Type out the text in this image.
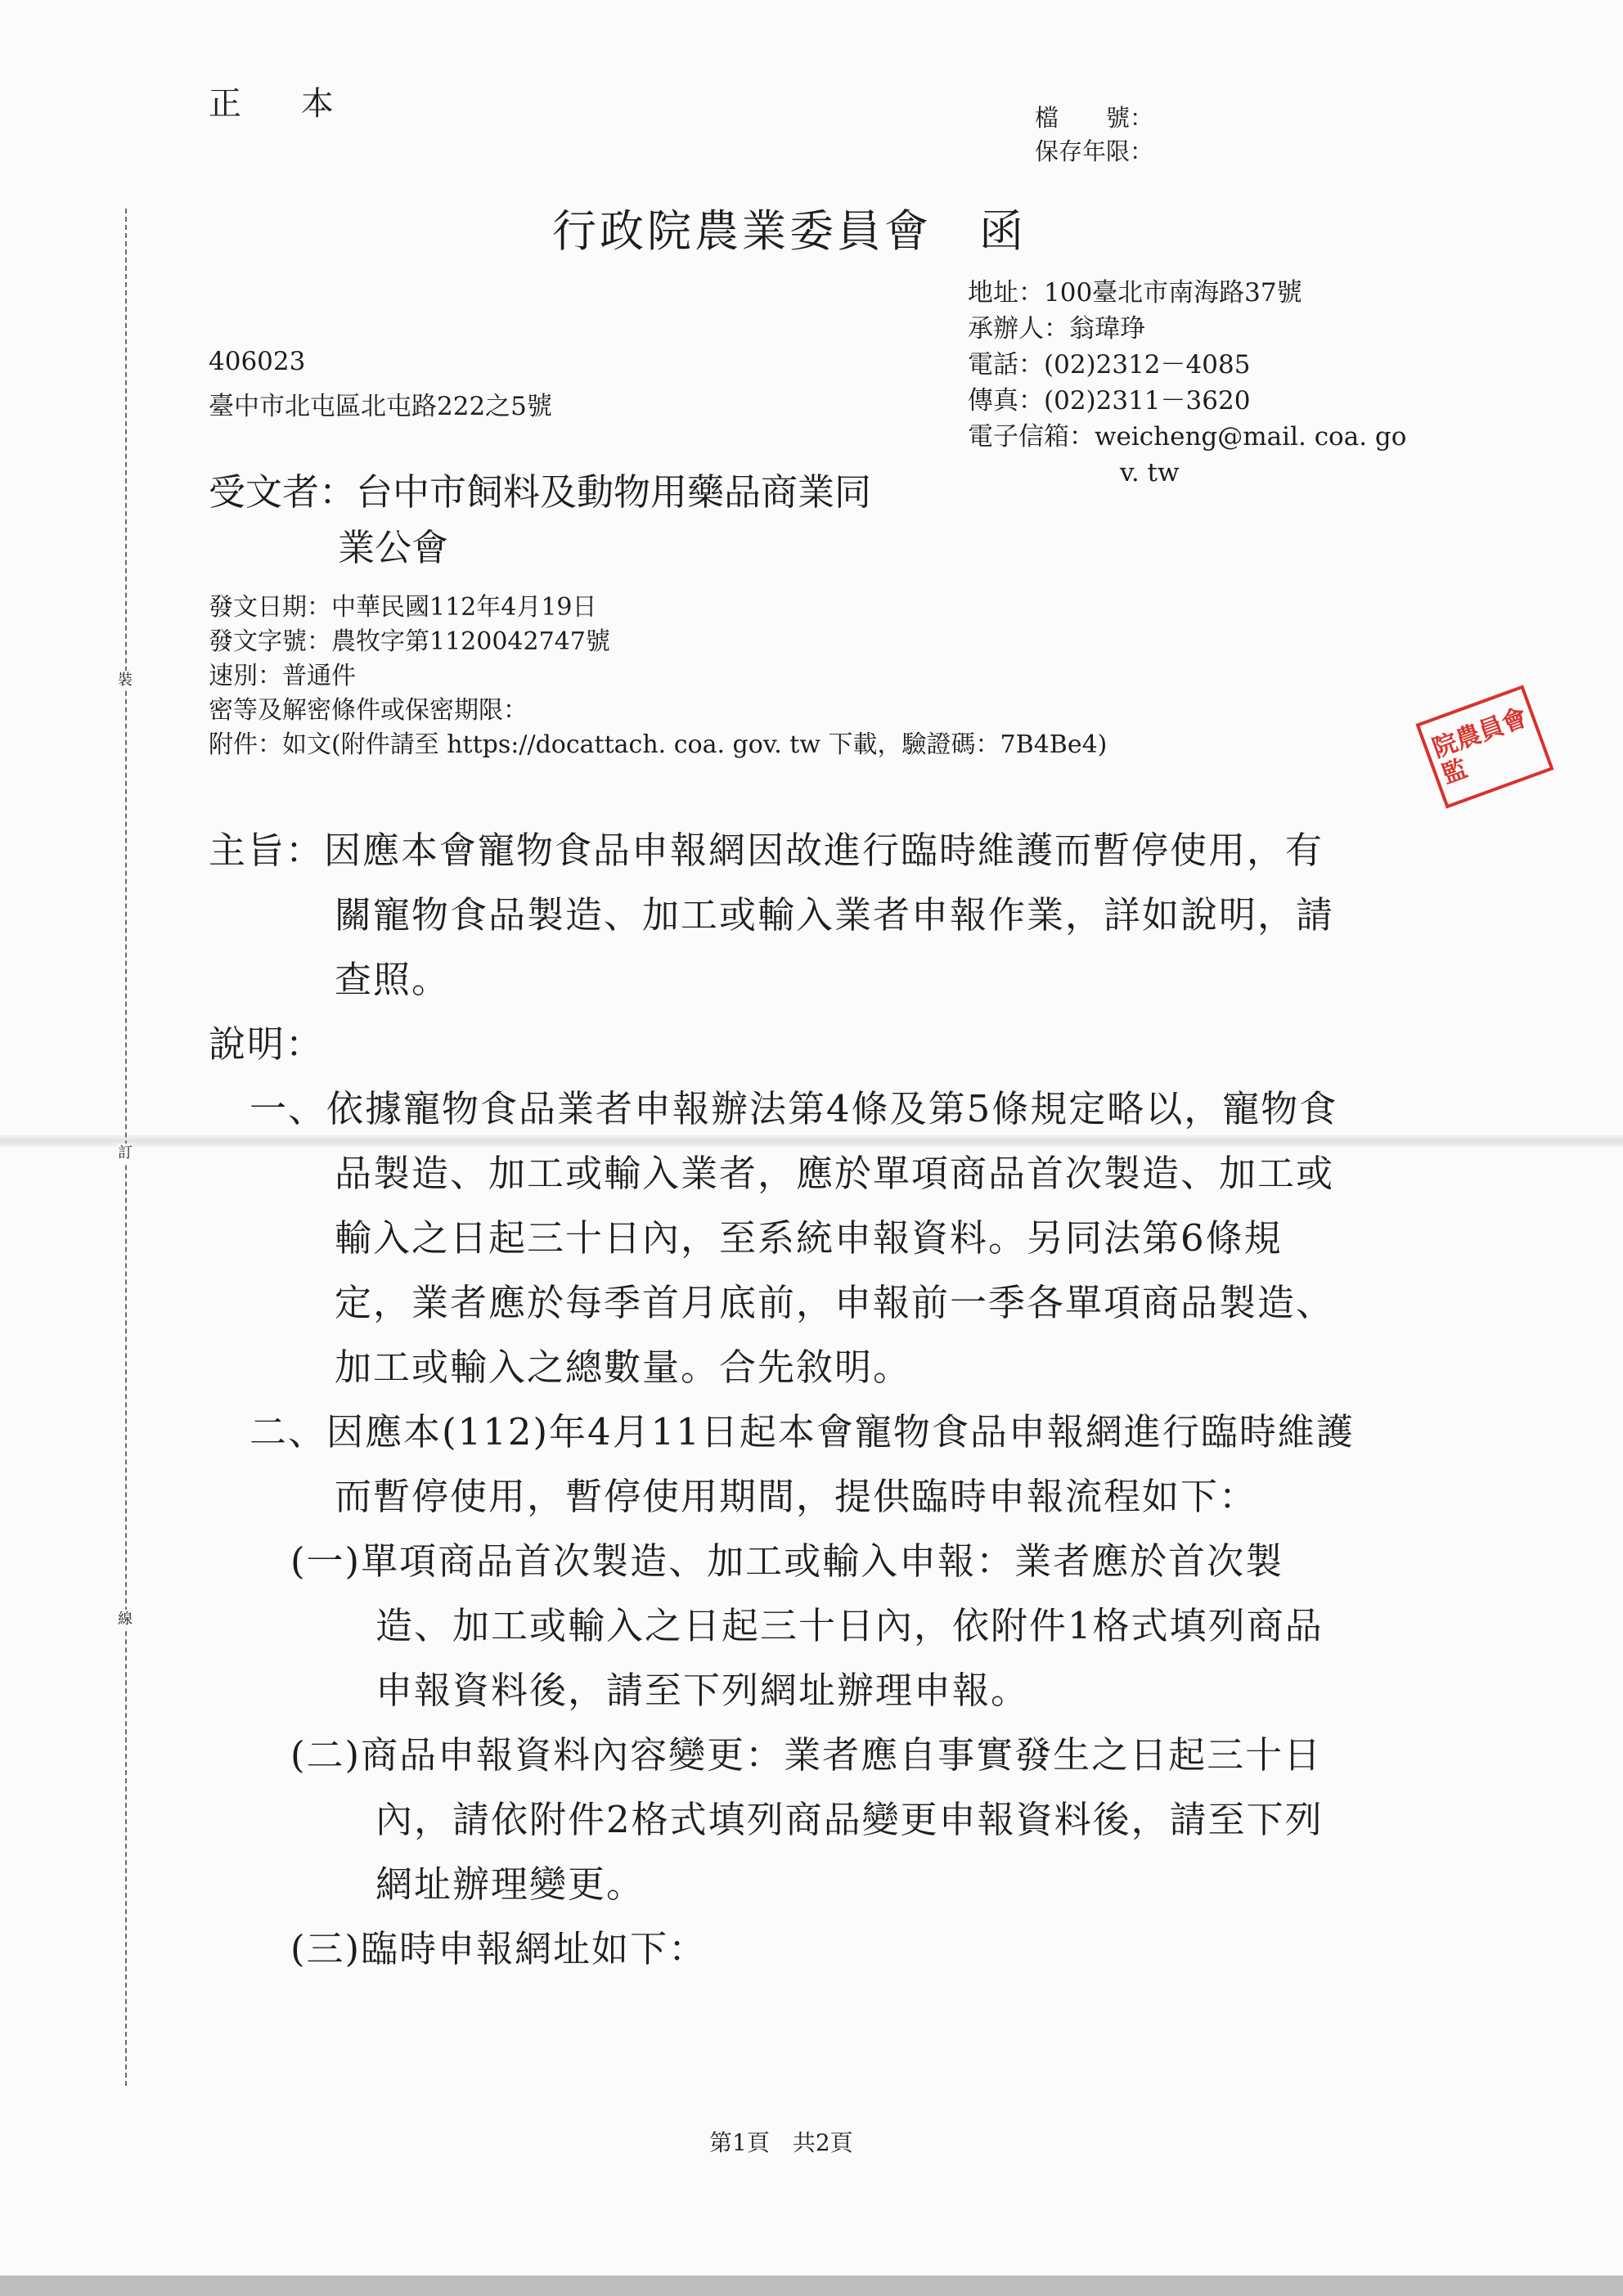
裝
訂
線
正 本	檔　　號：
保存年限：
行政院農業委員會　函
地址：100臺北市南海路37號
承辦人：翁瑋琤
電話：(02)2312－4085
傳真：(02)2311－3620
電子信箱：weicheng@mail. coa. go
v. tw
406023
臺中市北屯區北屯路222之5號
受文者：台中市飼料及動物用藥品商業同
業公會
發文日期：中華民國112年4月19日
發文字號：農牧字第1120042747號
速別：普通件
密等及解密條件或保密期限：
附件：如文(附件請至 https://docattach. coa. gov. tw 下載，驗證碼：7B4Be4)	院農員會監
主旨：因應本會寵物食品申報網因故進行臨時維護而暫停使用，有
關寵物食品製造、加工或輸入業者申報作業，詳如說明，請
查照。
說明：
一、依據寵物食品業者申報辦法第4條及第5條規定略以，寵物食
品製造、加工或輸入業者，應於單項商品首次製造、加工或
輸入之日起三十日內，至系統申報資料。另同法第6條規
定，業者應於每季首月底前，申報前一季各單項商品製造、
加工或輸入之總數量。合先敘明。
二、因應本(112)年4月11日起本會寵物食品申報網進行臨時維護
而暫停使用，暫停使用期間，提供臨時申報流程如下：
(一)單項商品首次製造、加工或輸入申報：業者應於首次製
造、加工或輸入之日起三十日內，依附件1格式填列商品
申報資料後，請至下列網址辦理申報。
(二)商品申報資料內容變更：業者應自事實發生之日起三十日
內，請依附件2格式填列商品變更申報資料後，請至下列
網址辦理變更。
(三)臨時申報網址如下：
第1頁　共2頁
